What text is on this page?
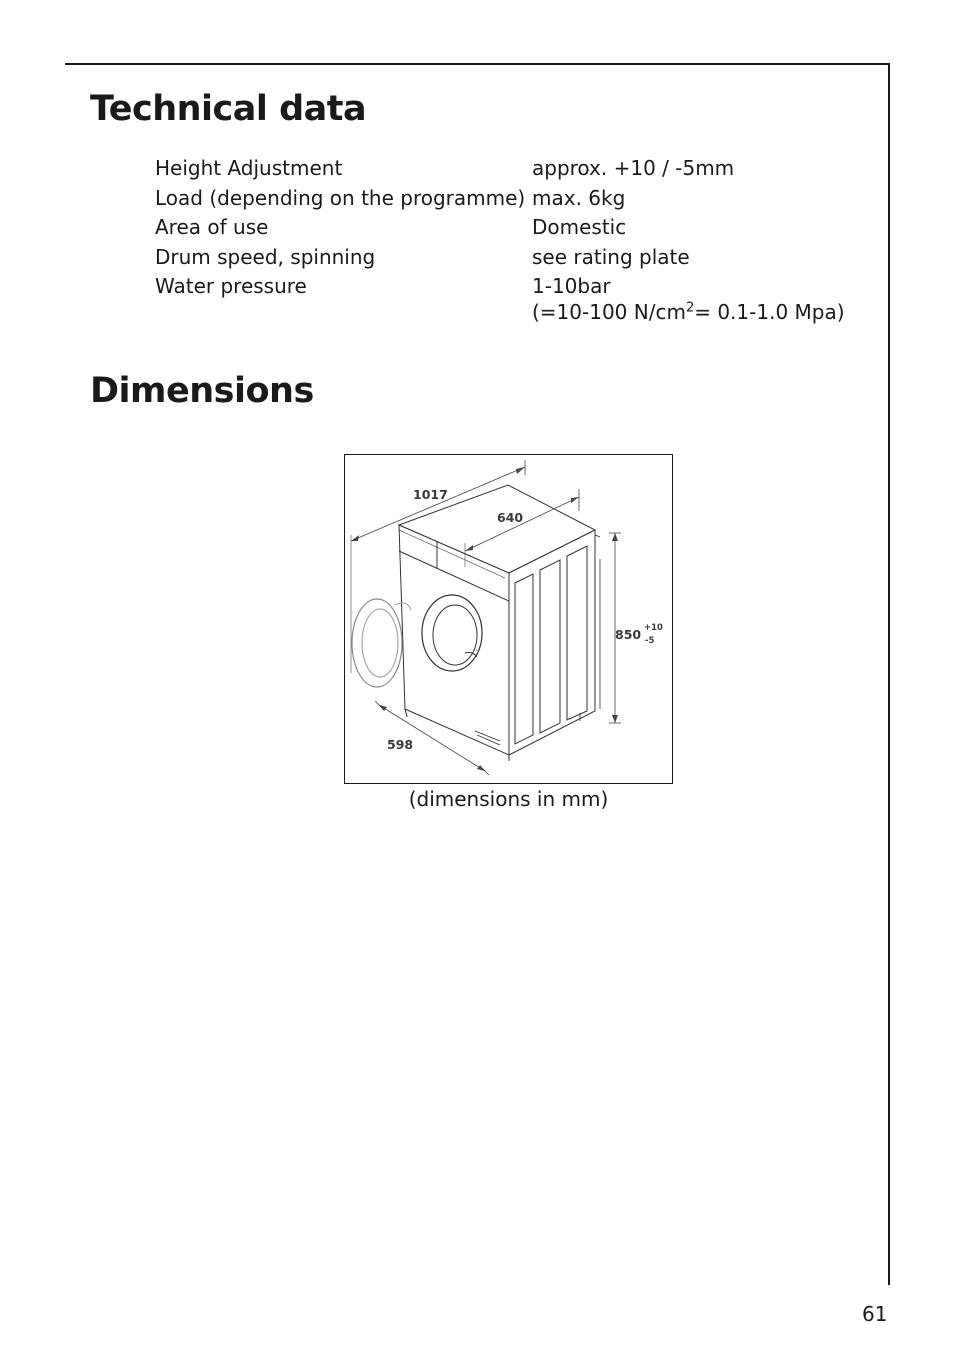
Technical data
Height Adjustment	approx. +10 / -5mm
Load (depending on the programme) max. 6kg
Area of use	Domestic
Drum speed, spinning	see rating plate
Water pressure	1-10bar
(=10-100 $N/cm^2= 0.1-1.0$ Mpa)
Dimensions
1017
640
850 +10
-5
598
(dimensions in mm)
61
